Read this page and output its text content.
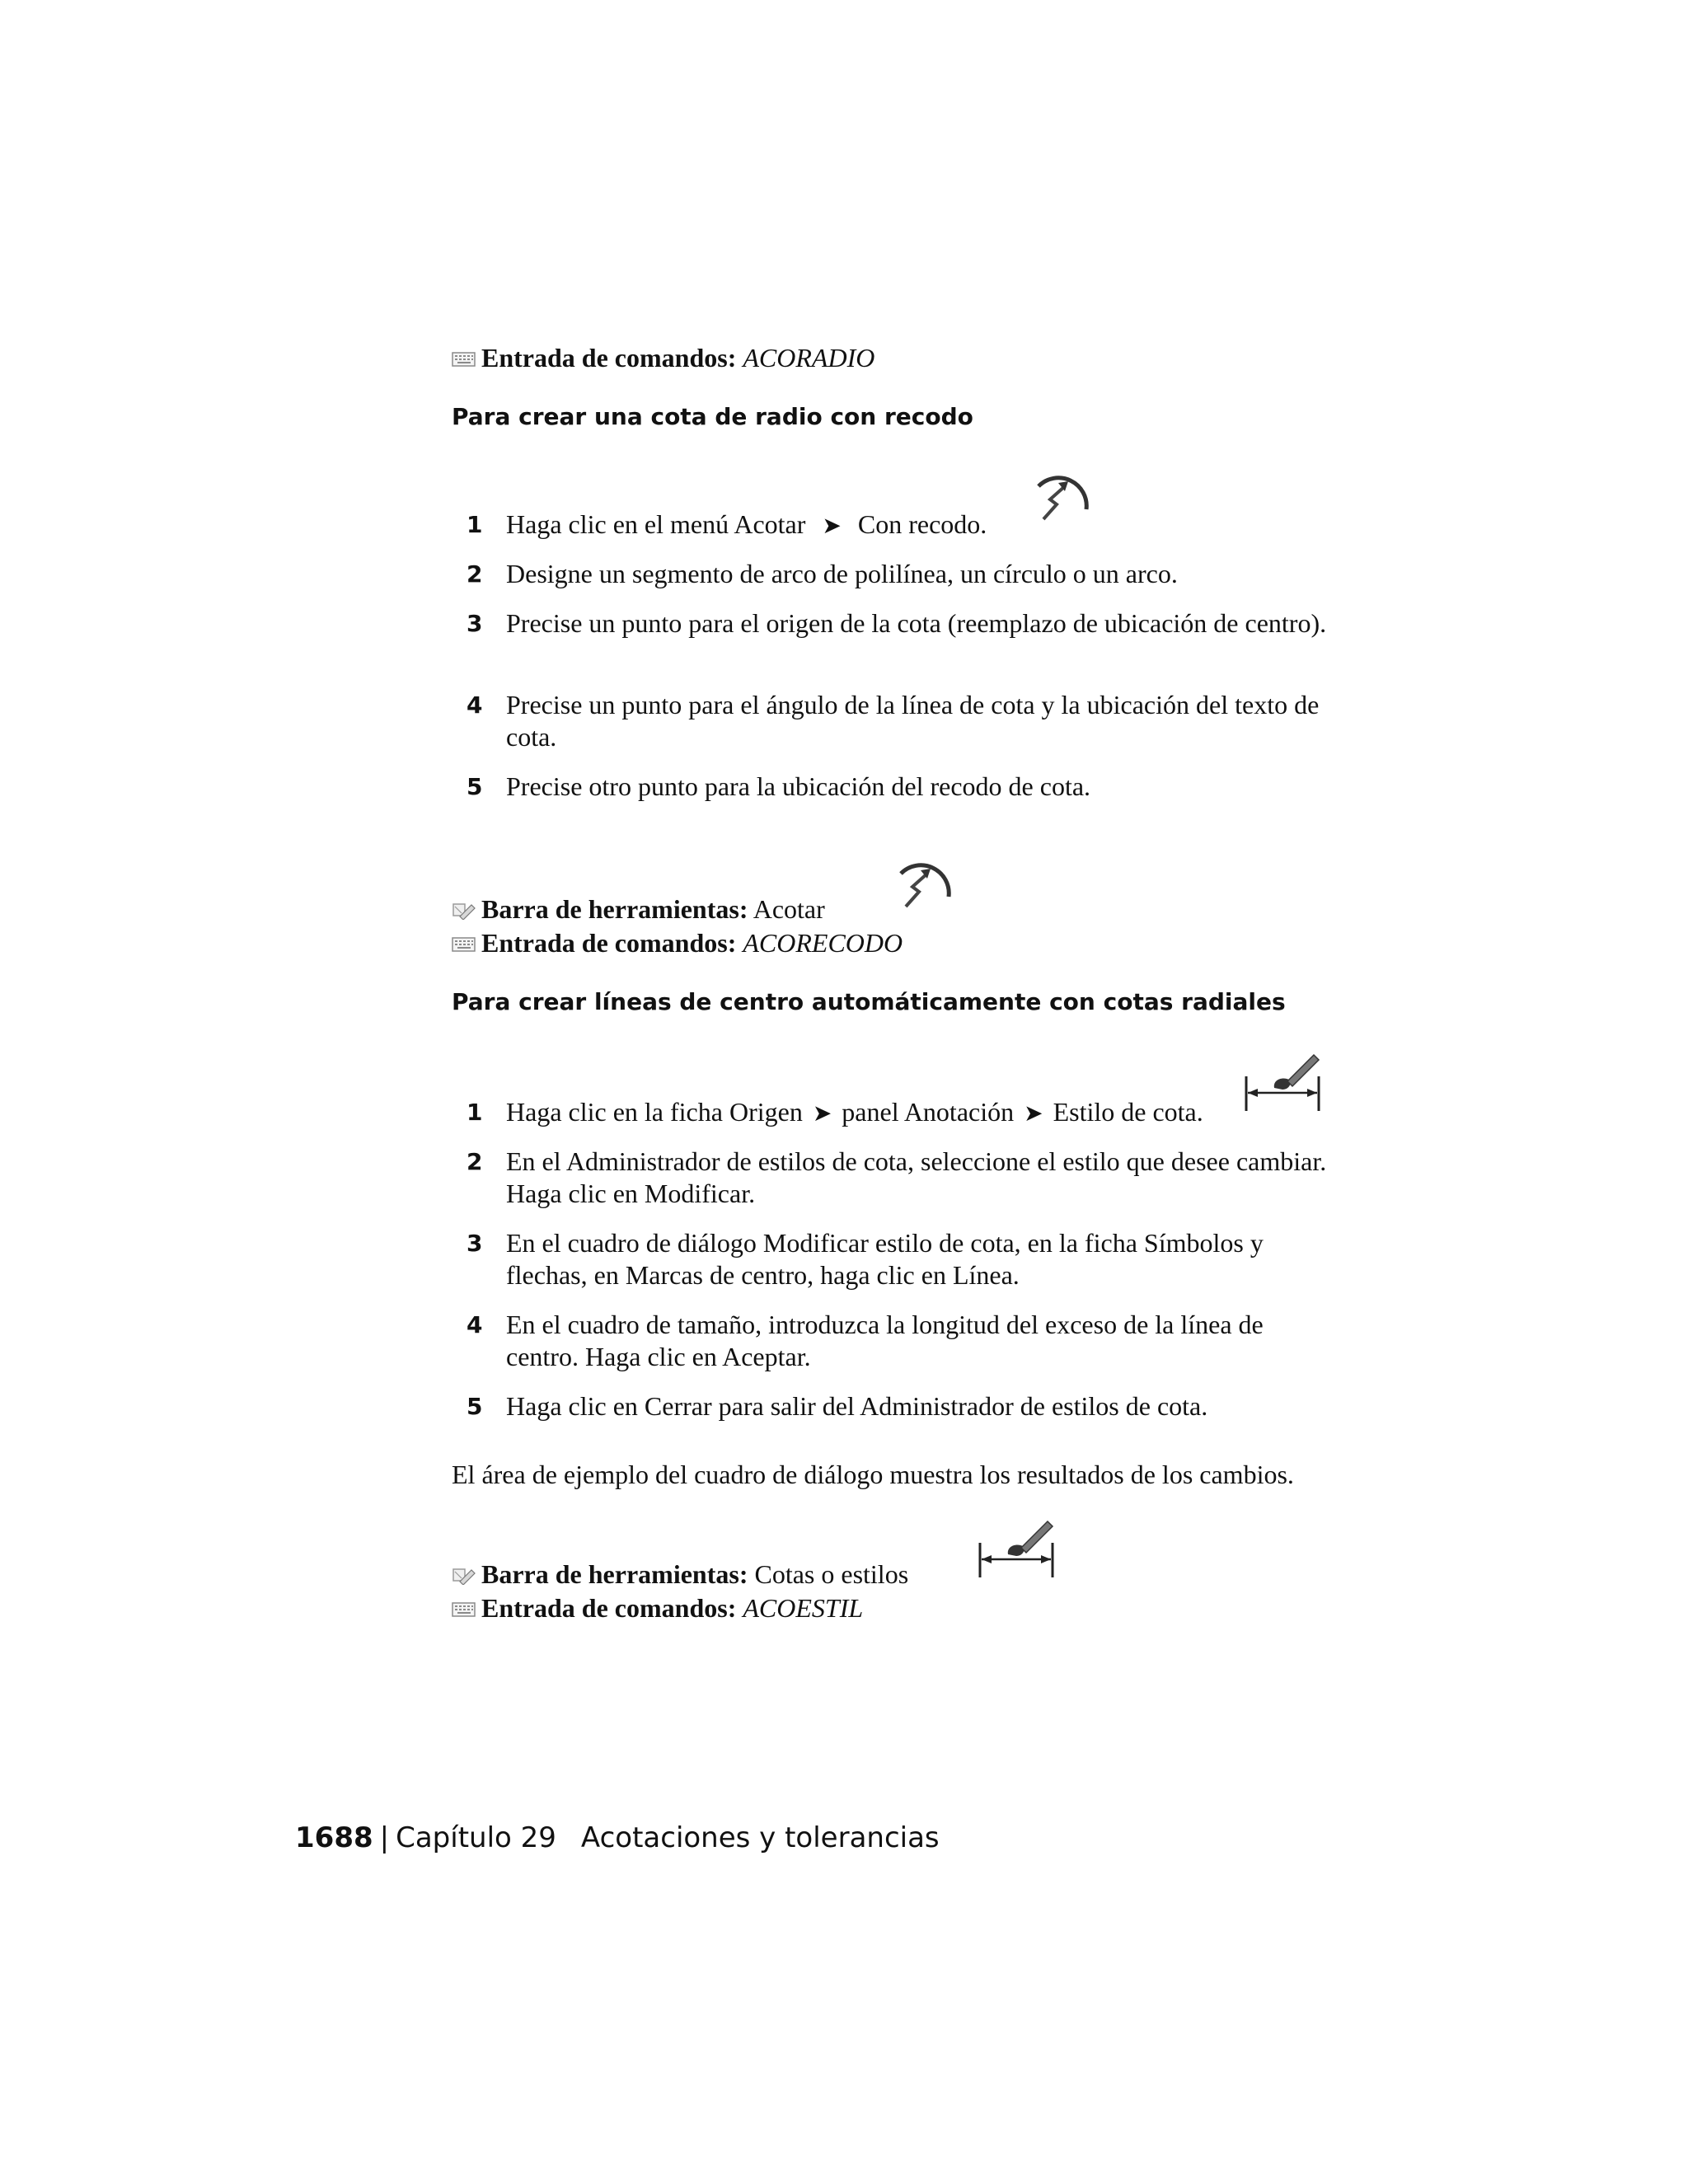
Entrada de comandos: ACORADIO
Para crear una cota de radio con recodo
1 Haga clic en el menú Acotar ➤ Con recodo.
2 Designe un segmento de arco de polilínea, un círculo o un arco.
3 Precise un punto para el origen de la cota (reemplazo de ubicación de centro).
4 Precise un punto para el ángulo de la línea de cota y la ubicación del texto de cota.
5 Precise otro punto para la ubicación del recodo de cota.
Barra de herramientas: Acotar
Entrada de comandos: ACORECODO
Para crear líneas de centro automáticamente con cotas radiales
1 Haga clic en la ficha Origen ➤ panel Anotación ➤ Estilo de cota.
2 En el Administrador de estilos de cota, seleccione el estilo que desee cambiar. Haga clic en Modificar.
3 En el cuadro de diálogo Modificar estilo de cota, en la ficha Símbolos y flechas, en Marcas de centro, haga clic en Línea.
4 En el cuadro de tamaño, introduzca la longitud del exceso de la línea de centro. Haga clic en Aceptar.
5 Haga clic en Cerrar para salir del Administrador de estilos de cota.
El área de ejemplo del cuadro de diálogo muestra los resultados de los cambios.
Barra de herramientas: Cotas o estilos
Entrada de comandos: ACOESTIL
1688 | Capítulo 29 Acotaciones y tolerancias
